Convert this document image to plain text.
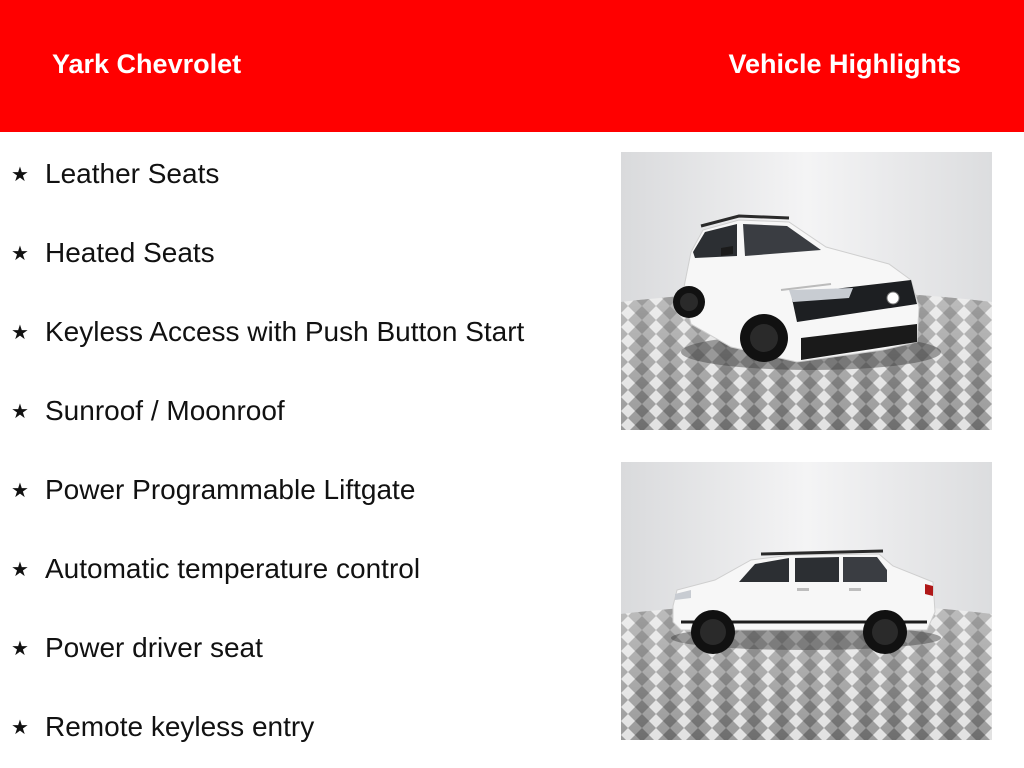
Yark Chevrolet	Vehicle Highlights
★ Leather Seats
★ Heated Seats
★ Keyless Access with Push Button Start
★ Sunroof / Moonroof
★ Power Programmable Liftgate
★ Automatic temperature control
★ Power driver seat
★ Remote keyless entry
